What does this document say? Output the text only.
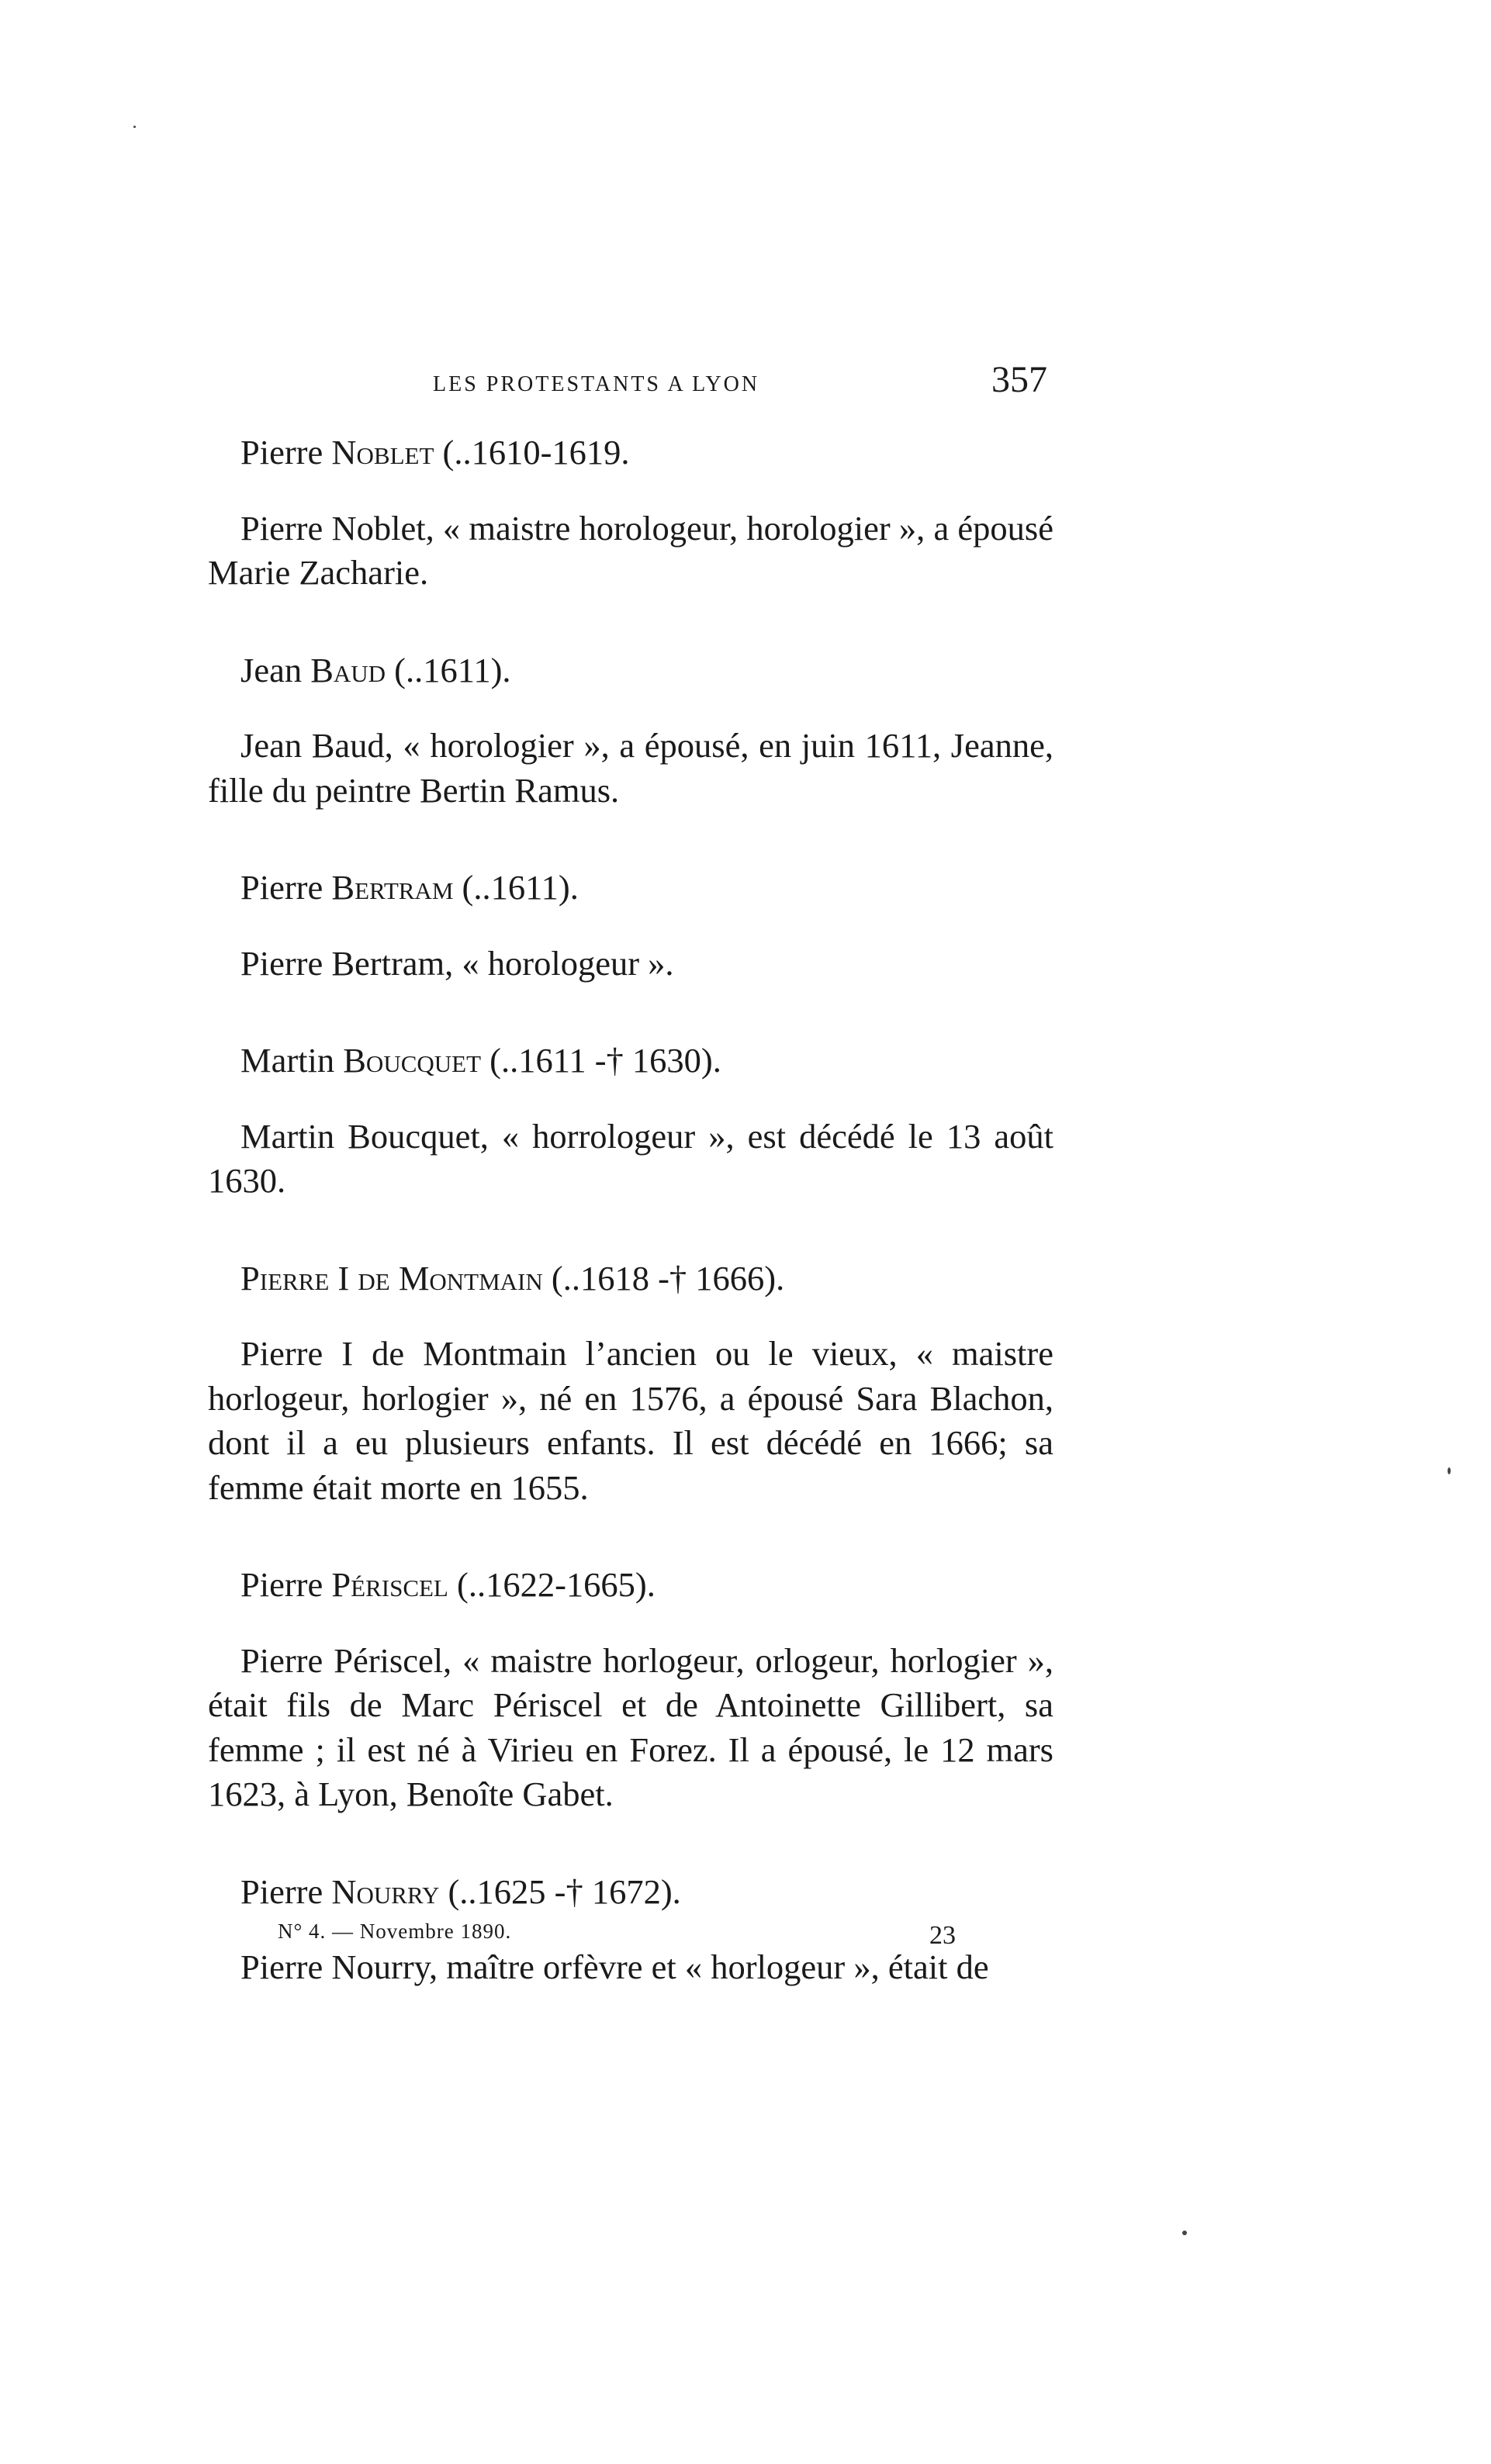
LES PROTESTANTS A LYON	357

Pierre Noblet (..1610-1619.

Pierre Noblet, « maistre horologeur, horologier », a épousé Marie Zacharie.

Jean Baud (..1611).

Jean Baud, « horologier », a épousé, en juin 1611, Jeanne, fille du peintre Bertin Ramus.

Pierre Bertram (..1611).

Pierre Bertram, « horologeur ».

Martin Boucquet (..1611 -† 1630).

Martin Boucquet, « horrologeur », est décédé le 13 août 1630.

Pierre I de Montmain (..1618 -† 1666).

Pierre I de Montmain l’ancien ou le vieux, « maistre horlogeur, horlogier », né en 1576, a épousé Sara Blachon, dont il a eu plusieurs enfants. Il est décédé en 1666; sa femme était morte en 1655.

Pierre Périscel (..1622-1665).

Pierre Périscel, « maistre horlogeur, orlogeur, horlogier », était fils de Marc Périscel et de Antoinette Gillibert, sa femme ; il est né à Virieu en Forez. Il a épousé, le 12 mars 1623, à Lyon, Benoîte Gabet.

Pierre Nourry (..1625 -† 1672).

Pierre Nourry, maître orfèvre et « horlogeur », était de

N° 4. — Novembre 1890.	23
